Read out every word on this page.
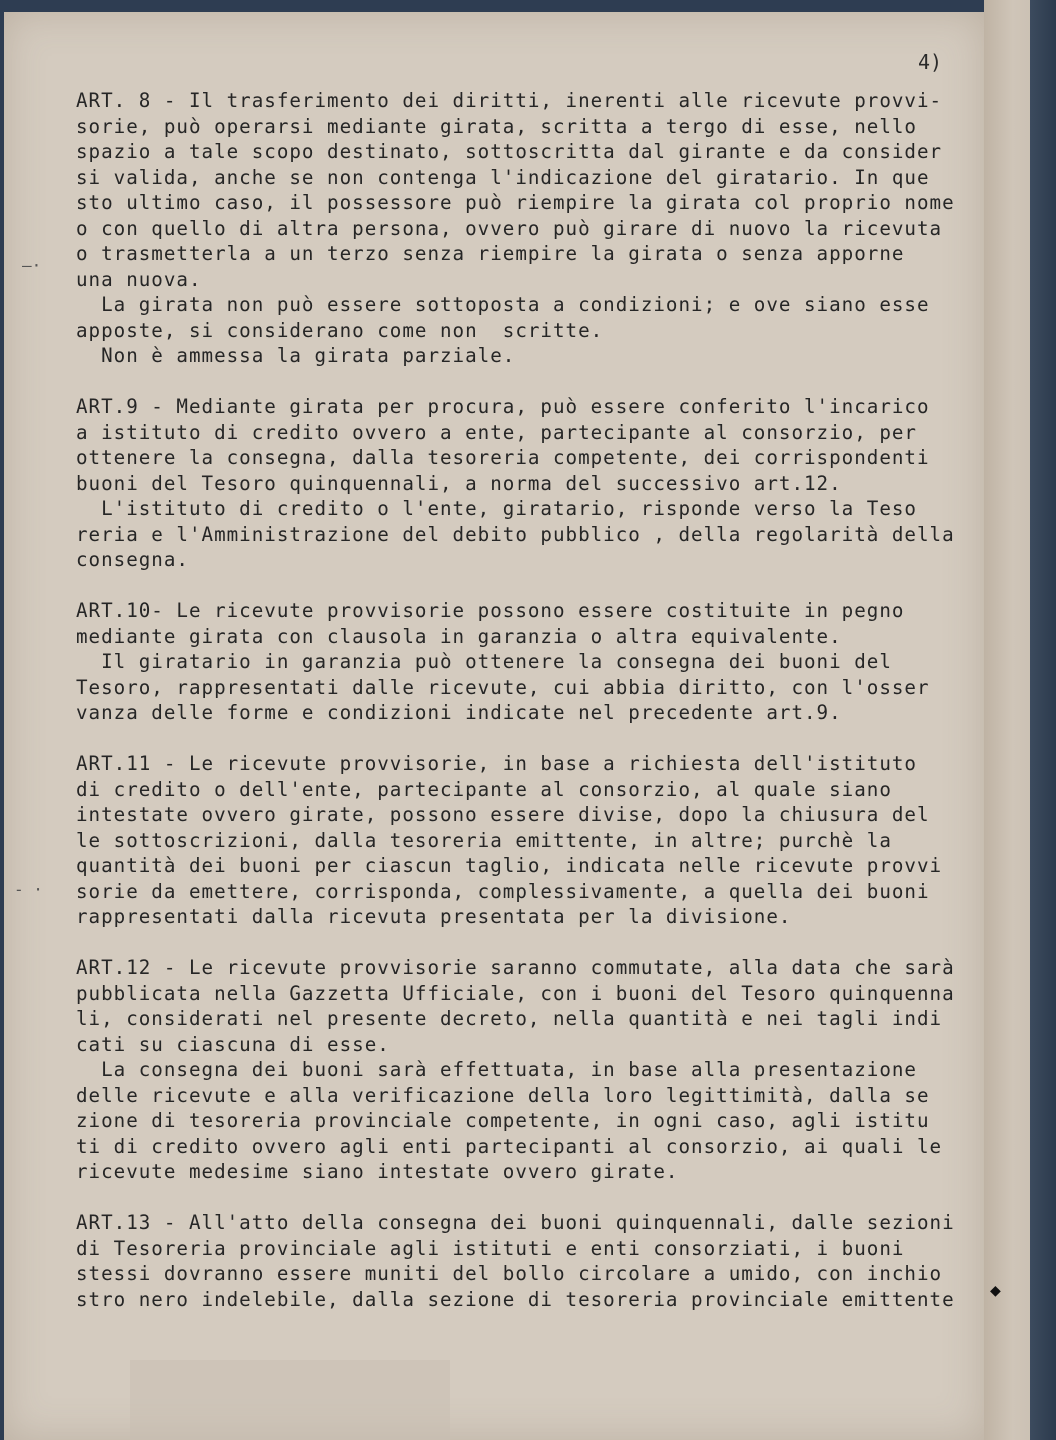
4)
—·
- ·
◆
ART. 8 - Il trasferimento dei diritti, inerenti alle ricevute provvi-
sorie, può operarsi mediante girata, scritta a tergo di esse, nello
spazio a tale scopo destinato, sottoscritta dal girante e da consider
si valida, anche se non contenga l'indicazione del giratario. In que
sto ultimo caso, il possessore può riempire la girata col proprio nome
o con quello di altra persona, ovvero può girare di nuovo la ricevuta
o trasmetterla a un terzo senza riempire la girata o senza apporne
una nuova.
La girata non può essere sottoposta a condizioni; e ove siano esse
apposte, si considerano come non  scritte.
Non è ammessa la girata parziale.
ART.9 - Mediante girata per procura, può essere conferito l'incarico
a istituto di credito ovvero a ente, partecipante al consorzio, per
ottenere la consegna, dalla tesoreria competente, dei corrispondenti
buoni del Tesoro quinquennali, a norma del successivo art.12.
L'istituto di credito o l'ente, giratario, risponde verso la Teso
reria e l'Amministrazione del debito pubblico , della regolarità della
consegna.
ART.10- Le ricevute provvisorie possono essere costituite in pegno
mediante girata con clausola in garanzia o altra equivalente.
Il giratario in garanzia può ottenere la consegna dei buoni del
Tesoro, rappresentati dalle ricevute, cui abbia diritto, con l'osser
vanza delle forme e condizioni indicate nel precedente art.9.
ART.11 - Le ricevute provvisorie, in base a richiesta dell'istituto
di credito o dell'ente, partecipante al consorzio, al quale siano
intestate ovvero girate, possono essere divise, dopo la chiusura del
le sottoscrizioni, dalla tesoreria emittente, in altre; purchè la
quantità dei buoni per ciascun taglio, indicata nelle ricevute provvi
sorie da emettere, corrisponda, complessivamente, a quella dei buoni
rappresentati dalla ricevuta presentata per la divisione.
ART.12 - Le ricevute provvisorie saranno commutate, alla data che sarà
pubblicata nella Gazzetta Ufficiale, con i buoni del Tesoro quinquenna
li, considerati nel presente decreto, nella quantità e nei tagli indi
cati su ciascuna di esse.
La consegna dei buoni sarà effettuata, in base alla presentazione
delle ricevute e alla verificazione della loro legittimità, dalla se
zione di tesoreria provinciale competente, in ogni caso, agli istitu
ti di credito ovvero agli enti partecipanti al consorzio, ai quali le
ricevute medesime siano intestate ovvero girate.
ART.13 - All'atto della consegna dei buoni quinquennali, dalle sezioni
di Tesoreria provinciale agli istituti e enti consorziati, i buoni
stessi dovranno essere muniti del bollo circolare a umido, con inchio
stro nero indelebile, dalla sezione di tesoreria provinciale emittente
